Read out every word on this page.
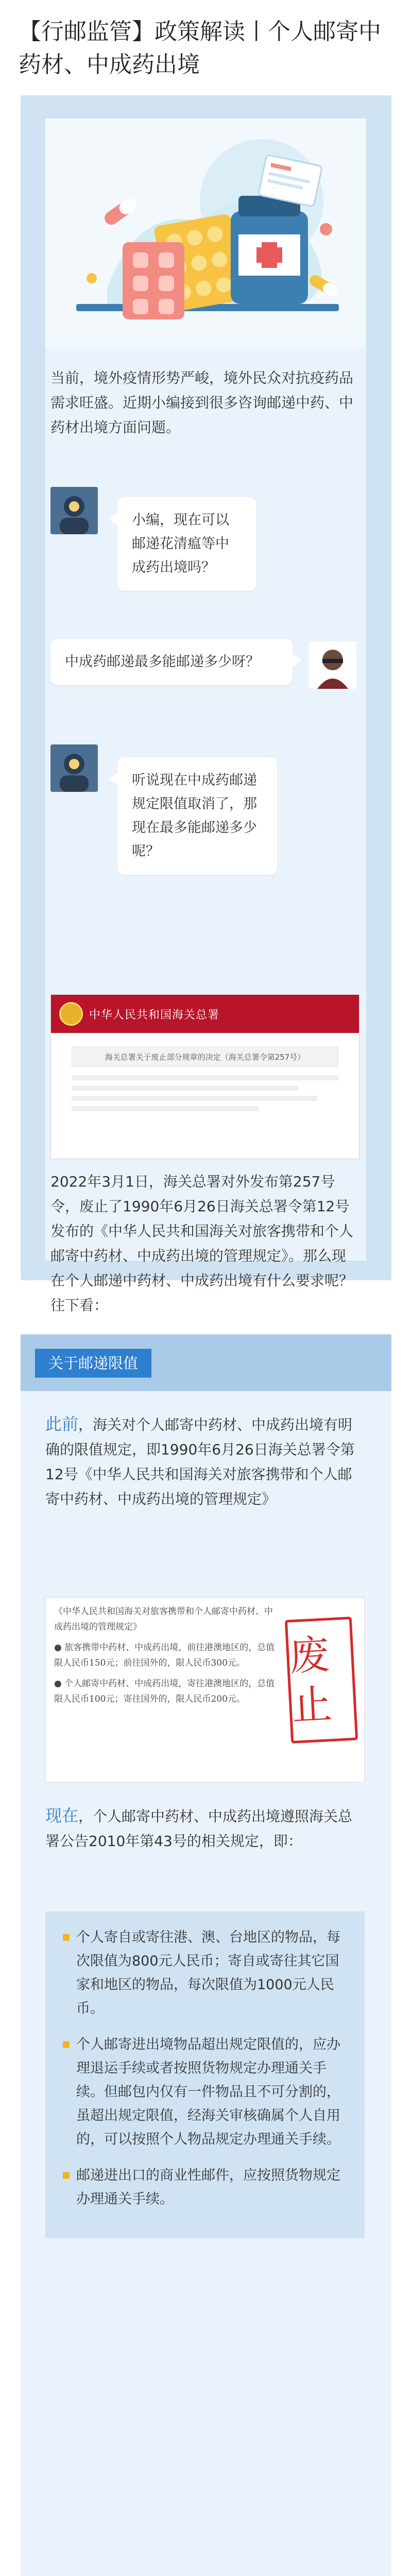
【行邮监管】政策解读丨个人邮寄中药材、中成药出境

当前，境外疫情形势严峻，境外民众对抗疫药品需求旺盛。近期小编接到很多咨询邮递中药、中药材出境方面问题。

小编，现在可以邮递花清瘟等中成药出境吗？
中成药邮递最多能邮递多少呀？
听说现在中成药邮递规定限值取消了，那现在最多能邮递多少呢？
中华人民共和国海关总署
海关总署关于废止部分规章的决定（海关总署令第257号）

2022年3月1日，海关总署对外发布第257号令，废止了1990年6月26日海关总署令第12号发布的《中华人民共和国海关对旅客携带和个人邮寄中药材、中成药出境的管理规定》。那么现在个人邮递中药材、中成药出境有什么要求呢？往下看：

关于邮递限值

此前，海关对个人邮寄中药材、中成药出境有明确的限值规定，即1990年6月26日海关总署令第12号《中华人民共和国海关对旅客携带和个人邮寄中药材、中成药出境的管理规定》

《中华人民共和国海关对旅客携带和个人邮寄中药材、中成药出境的管理规定》
● 旅客携带中药材、中成药出境，前往港澳地区的，总值限人民币150元；前往国外的，限人民币300元。
● 个人邮寄中药材、中成药出境，寄往港澳地区的，总值限人民币100元；寄往国外的，限人民币200元。
废止

现在，个人邮寄中药材、中成药出境遵照海关总署公告2010年第43号的相关规定，即：

个人寄自或寄往港、澳、台地区的物品，每次限值为800元人民币；寄自或寄往其它国家和地区的物品，每次限值为1000元人民币。
个人邮寄进出境物品超出规定限值的，应办理退运手续或者按照货物规定办理通关手续。但邮包内仅有一件物品且不可分割的，虽超出规定限值，经海关审核确属个人自用的，可以按照个人物品规定办理通关手续。
邮递进出口的商业性邮件，应按照货物规定办理通关手续。
